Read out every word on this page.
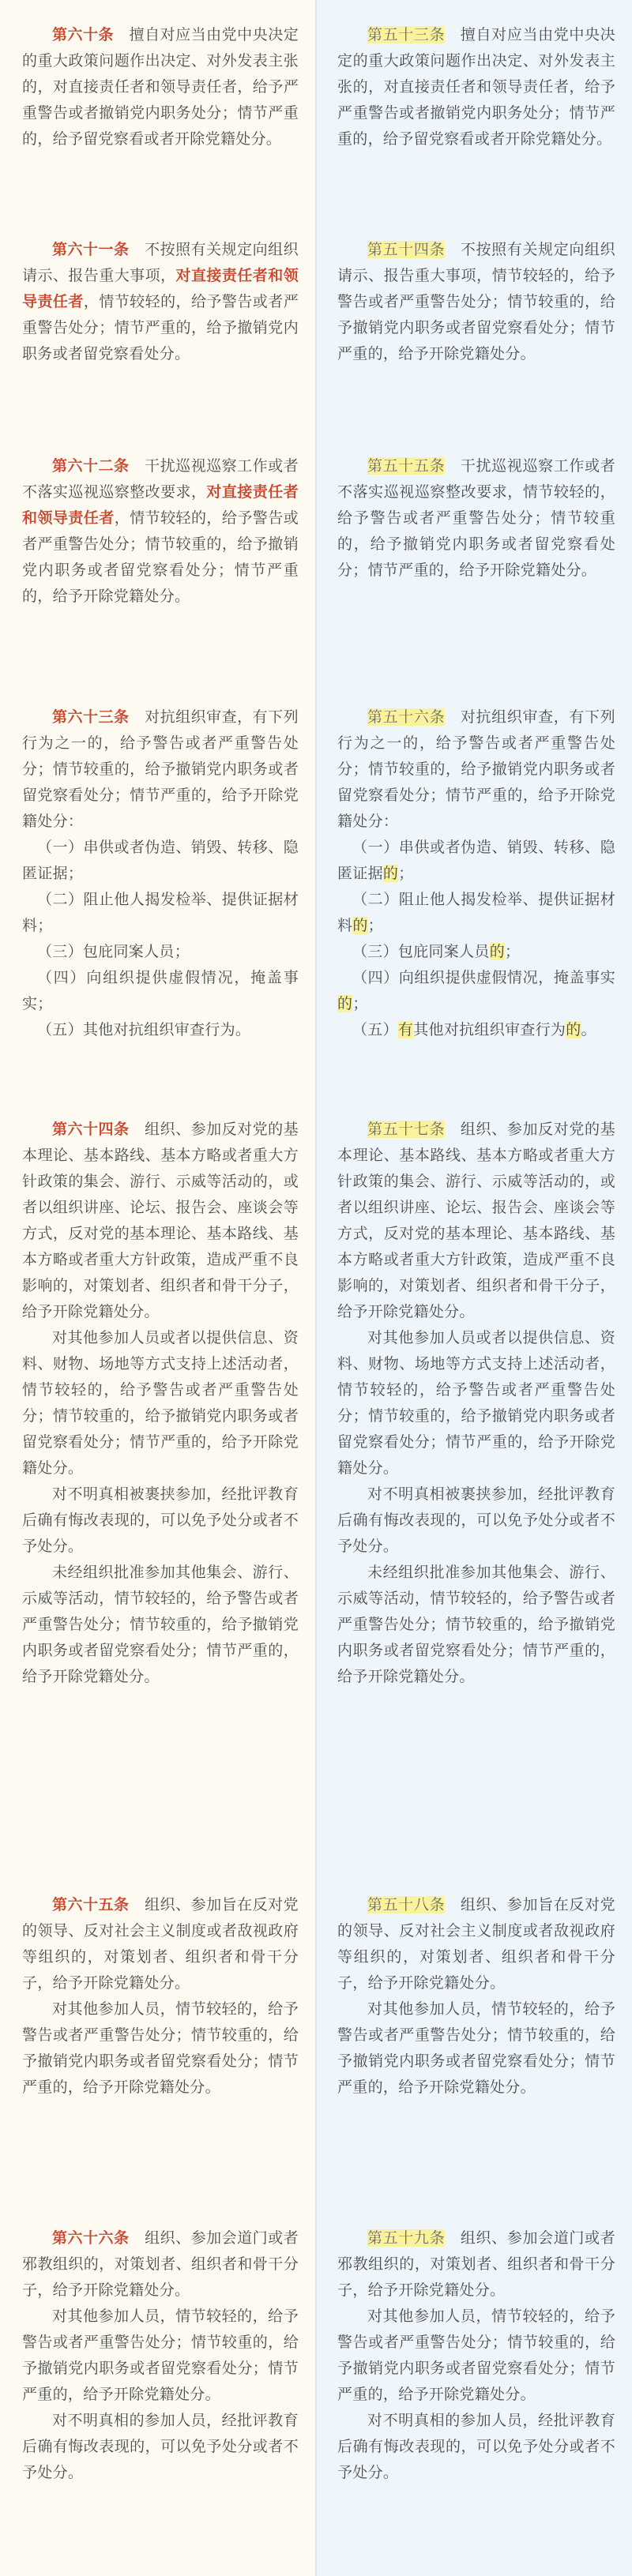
第六十条　擅自对应当由党中央决定的重大政策问题作出决定、对外发表主张的，对直接责任者和领导责任者，给予严重警告或者撤销党内职务处分；情节严重的，给予留党察看或者开除党籍处分。

第六十一条　不按照有关规定向组织请示、报告重大事项，对直接责任者和领导责任者，情节较轻的，给予警告或者严重警告处分；情节严重的，给予撤销党内职务或者留党察看处分。

第六十二条　干扰巡视巡察工作或者不落实巡视巡察整改要求，对直接责任者和领导责任者，情节较轻的，给予警告或者严重警告处分；情节较重的，给予撤销党内职务或者留党察看处分；情节严重的，给予开除党籍处分。

第六十三条　对抗组织审查，有下列行为之一的，给予警告或者严重警告处分；情节较重的，给予撤销党内职务或者留党察看处分；情节严重的，给予开除党籍处分：

（一）串供或者伪造、销毁、转移、隐匿证据；

（二）阻止他人揭发检举、提供证据材料；

（三）包庇同案人员；

（四）向组织提供虚假情况，掩盖事实；

（五）其他对抗组织审查行为。

第六十四条　组织、参加反对党的基本理论、基本路线、基本方略或者重大方针政策的集会、游行、示威等活动的，或者以组织讲座、论坛、报告会、座谈会等方式，反对党的基本理论、基本路线、基本方略或者重大方针政策，造成严重不良影响的，对策划者、组织者和骨干分子，给予开除党籍处分。

对其他参加人员或者以提供信息、资料、财物、场地等方式支持上述活动者，情节较轻的，给予警告或者严重警告处分；情节较重的，给予撤销党内职务或者留党察看处分；情节严重的，给予开除党籍处分。

对不明真相被裹挟参加，经批评教育后确有悔改表现的，可以免予处分或者不予处分。

未经组织批准参加其他集会、游行、示威等活动，情节较轻的，给予警告或者严重警告处分；情节较重的，给予撤销党内职务或者留党察看处分；情节严重的，给予开除党籍处分。

第六十五条　组织、参加旨在反对党的领导、反对社会主义制度或者敌视政府等组织的，对策划者、组织者和骨干分子，给予开除党籍处分。

对其他参加人员，情节较轻的，给予警告或者严重警告处分；情节较重的，给予撤销党内职务或者留党察看处分；情节严重的，给予开除党籍处分。

第六十六条　组织、参加会道门或者邪教组织的，对策划者、组织者和骨干分子，给予开除党籍处分。

对其他参加人员，情节较轻的，给予警告或者严重警告处分；情节较重的，给予撤销党内职务或者留党察看处分；情节严重的，给予开除党籍处分。

对不明真相的参加人员，经批评教育后确有悔改表现的，可以免予处分或者不予处分。

第五十三条　擅自对应当由党中央决定的重大政策问题作出决定、对外发表主张的，对直接责任者和领导责任者，给予严重警告或者撤销党内职务处分；情节严重的，给予留党察看或者开除党籍处分。

第五十四条　不按照有关规定向组织请示、报告重大事项，情节较轻的，给予警告或者严重警告处分；情节较重的，给予撤销党内职务或者留党察看处分；情节严重的，给予开除党籍处分。

第五十五条　干扰巡视巡察工作或者不落实巡视巡察整改要求，情节较轻的，给予警告或者严重警告处分；情节较重的，给予撤销党内职务或者留党察看处分；情节严重的，给予开除党籍处分。

第五十六条　对抗组织审查，有下列行为之一的，给予警告或者严重警告处分；情节较重的，给予撤销党内职务或者留党察看处分；情节严重的，给予开除党籍处分：

（一）串供或者伪造、销毁、转移、隐匿证据的；

（二）阻止他人揭发检举、提供证据材料的；

（三）包庇同案人员的；

（四）向组织提供虚假情况，掩盖事实的；

（五）有其他对抗组织审查行为的。

第五十七条　组织、参加反对党的基本理论、基本路线、基本方略或者重大方针政策的集会、游行、示威等活动的，或者以组织讲座、论坛、报告会、座谈会等方式，反对党的基本理论、基本路线、基本方略或者重大方针政策，造成严重不良影响的，对策划者、组织者和骨干分子，给予开除党籍处分。

对其他参加人员或者以提供信息、资料、财物、场地等方式支持上述活动者，情节较轻的，给予警告或者严重警告处分；情节较重的，给予撤销党内职务或者留党察看处分；情节严重的，给予开除党籍处分。

对不明真相被裹挟参加，经批评教育后确有悔改表现的，可以免予处分或者不予处分。

未经组织批准参加其他集会、游行、示威等活动，情节较轻的，给予警告或者严重警告处分；情节较重的，给予撤销党内职务或者留党察看处分；情节严重的，给予开除党籍处分。

第五十八条　组织、参加旨在反对党的领导、反对社会主义制度或者敌视政府等组织的，对策划者、组织者和骨干分子，给予开除党籍处分。

对其他参加人员，情节较轻的，给予警告或者严重警告处分；情节较重的，给予撤销党内职务或者留党察看处分；情节严重的，给予开除党籍处分。

第五十九条　组织、参加会道门或者邪教组织的，对策划者、组织者和骨干分子，给予开除党籍处分。

对其他参加人员，情节较轻的，给予警告或者严重警告处分；情节较重的，给予撤销党内职务或者留党察看处分；情节严重的，给予开除党籍处分。

对不明真相的参加人员，经批评教育后确有悔改表现的，可以免予处分或者不予处分。
